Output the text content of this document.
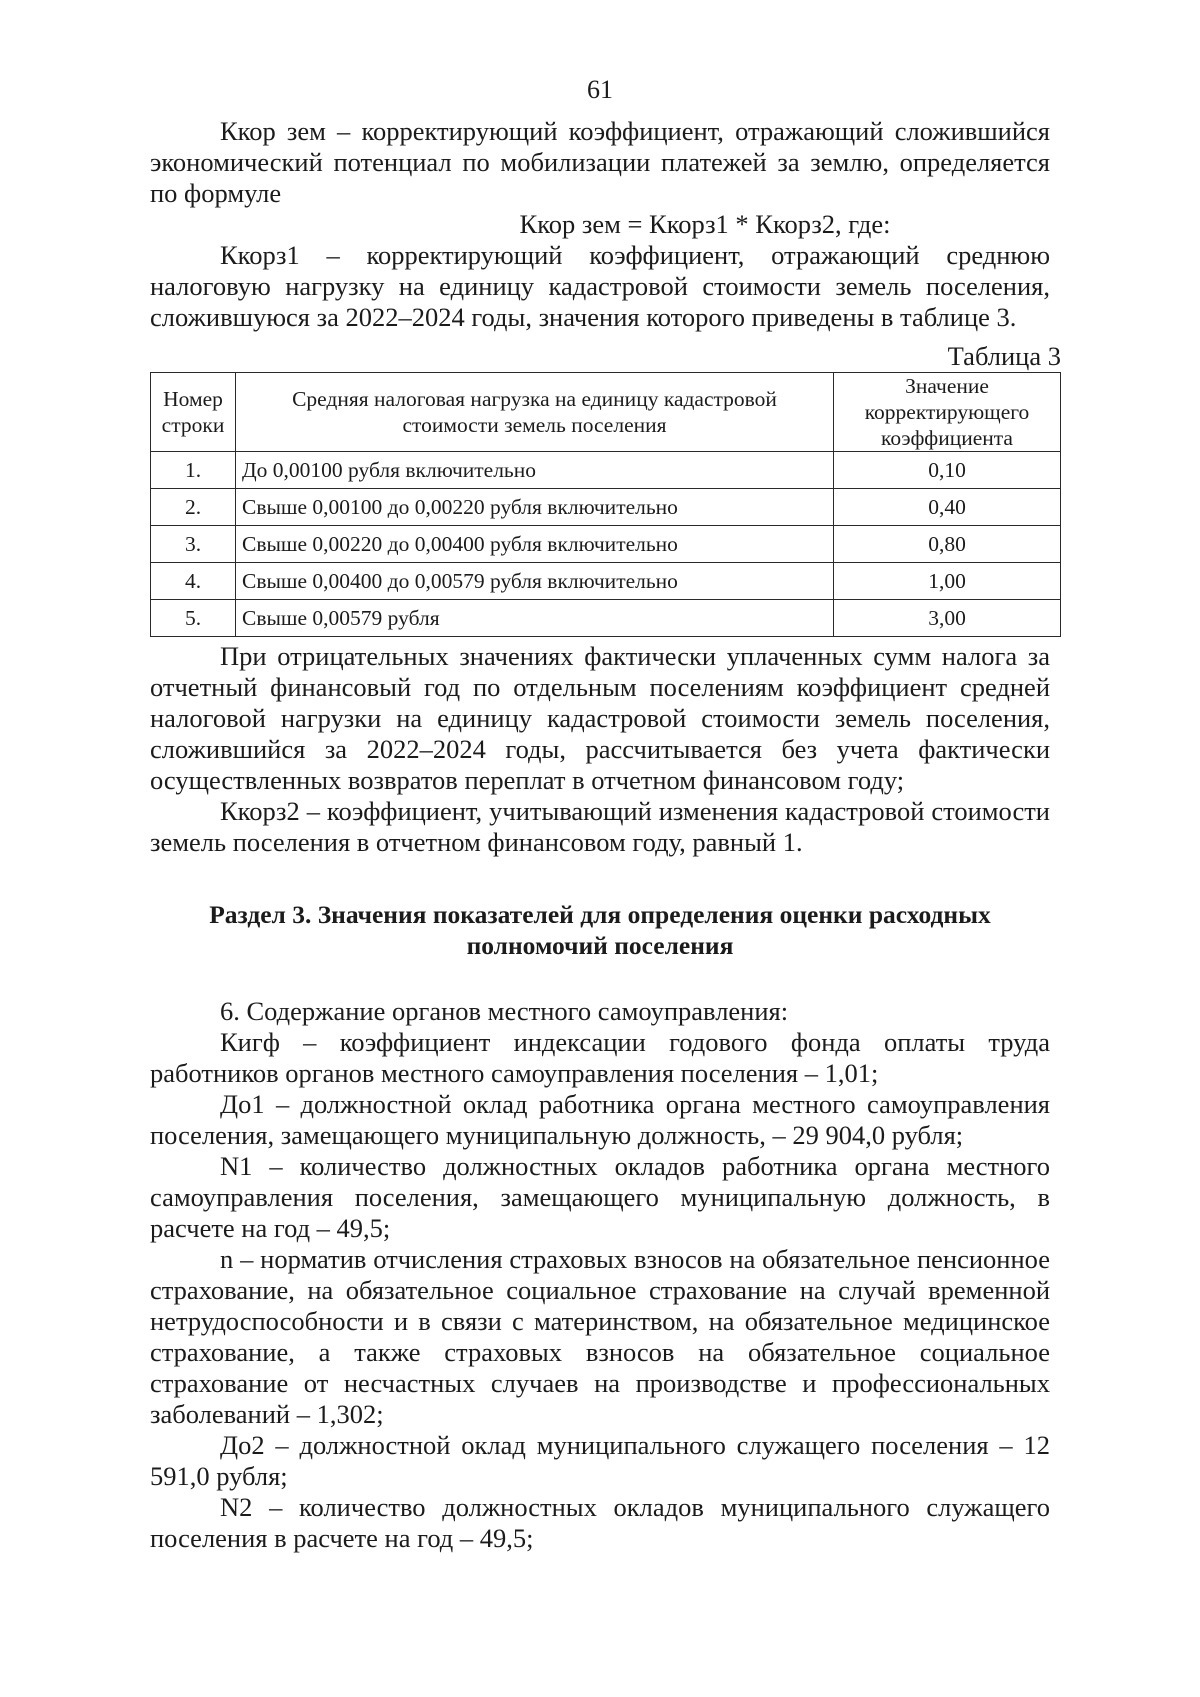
61

Ккор зем – корректирующий коэффициент, отражающий сложившийся экономический потенциал по мобилизации платежей за землю, определяется по формуле

Ккор зем = Ккорз1 * Ккорз2, где:

Ккорз1 – корректирующий коэффициент, отражающий среднюю налоговую нагрузку на единицу кадастровой стоимости земель поселения, сложившуюся за 2022–2024 годы, значения которого приведены в таблице 3.

Таблица 3

Номер строки	Средняя налоговая нагрузка на единицу кадастровой стоимости земель поселения	Значение корректирующего коэффициента
1.	До 0,00100 рубля включительно	0,10
2.	Свыше 0,00100 до 0,00220 рубля включительно	0,40
3.	Свыше 0,00220 до 0,00400 рубля включительно	0,80
4.	Свыше 0,00400 до 0,00579 рубля включительно	1,00
5.	Свыше 0,00579 рубля	3,00

При отрицательных значениях фактически уплаченных сумм налога за отчетный финансовый год по отдельным поселениям коэффициент средней налоговой нагрузки на единицу кадастровой стоимости земель поселения, сложившийся за 2022–2024 годы, рассчитывается без учета фактически осуществленных возвратов переплат в отчетном финансовом году;

Ккорз2 – коэффициент, учитывающий изменения кадастровой стоимости земель поселения в отчетном финансовом году, равный 1.

Раздел 3. Значения показателей для определения оценки расходных
полномочий поселения

6. Содержание органов местного самоуправления:

Кигф – коэффициент индексации годового фонда оплаты труда работников органов местного самоуправления поселения – 1,01;

До1 – должностной оклад работника органа местного самоуправления поселения, замещающего муниципальную должность, – 29 904,0 рубля;

N1 – количество должностных окладов работника органа местного самоуправления поселения, замещающего муниципальную должность, в расчете на год – 49,5;

n – норматив отчисления страховых взносов на обязательное пенсионное страхование, на обязательное социальное страхование на случай временной нетрудоспособности и в связи с материнством, на обязательное медицинское страхование, а также страховых взносов на обязательное социальное страхование от несчастных случаев на производстве и профессиональных заболеваний – 1,302;

До2 – должностной оклад муниципального служащего поселения – 12 591,0 рубля;

N2 – количество должностных окладов муниципального служащего поселения в расчете на год – 49,5;
